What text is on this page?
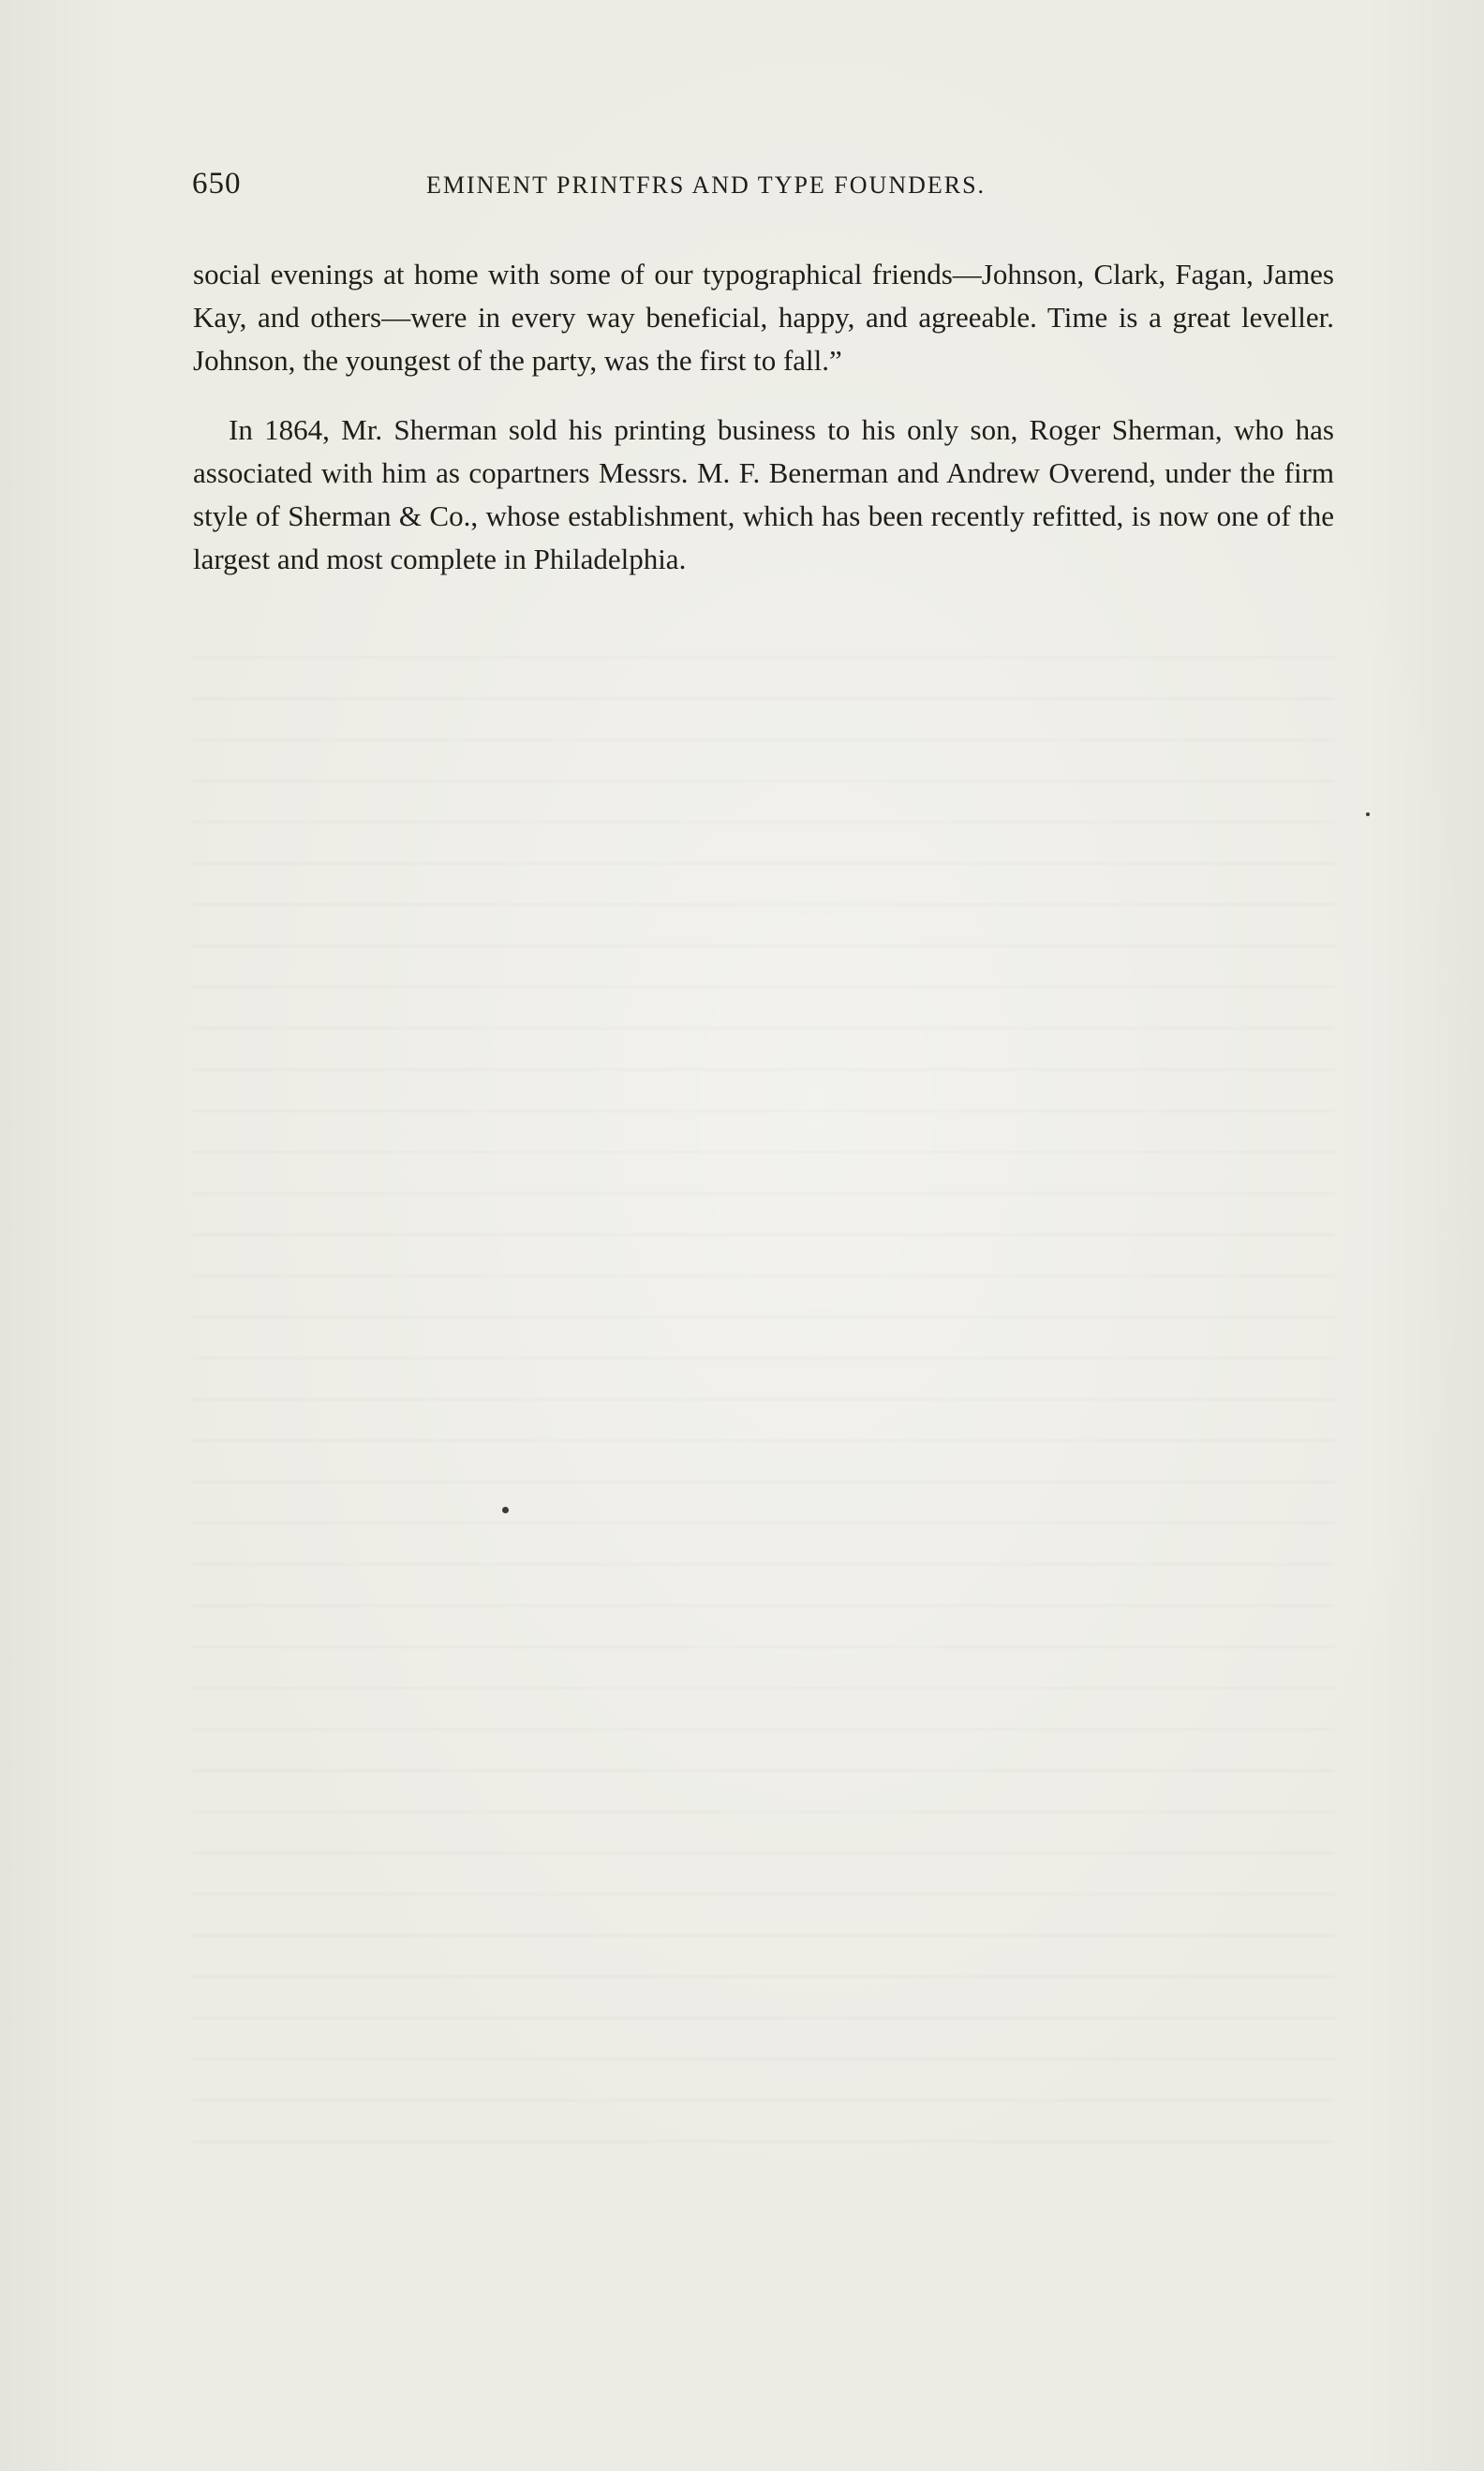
650	EMINENT PRINTFRS AND TYPE FOUNDERS.

social evenings at home with some of our typographical friends—Johnson, Clark, Fagan, James Kay, and others—were in every way beneficial, happy, and agreeable. Time is a great leveller. Johnson, the youngest of the party, was the first to fall.”

In 1864, Mr. Sherman sold his printing business to his only son, Roger Sherman, who has associated with him as copartners Messrs. M. F. Benerman and Andrew Overend, under the firm style of Sherman & Co., whose establishment, which has been recently refitted, is now one of the largest and most complete in Philadelphia.
